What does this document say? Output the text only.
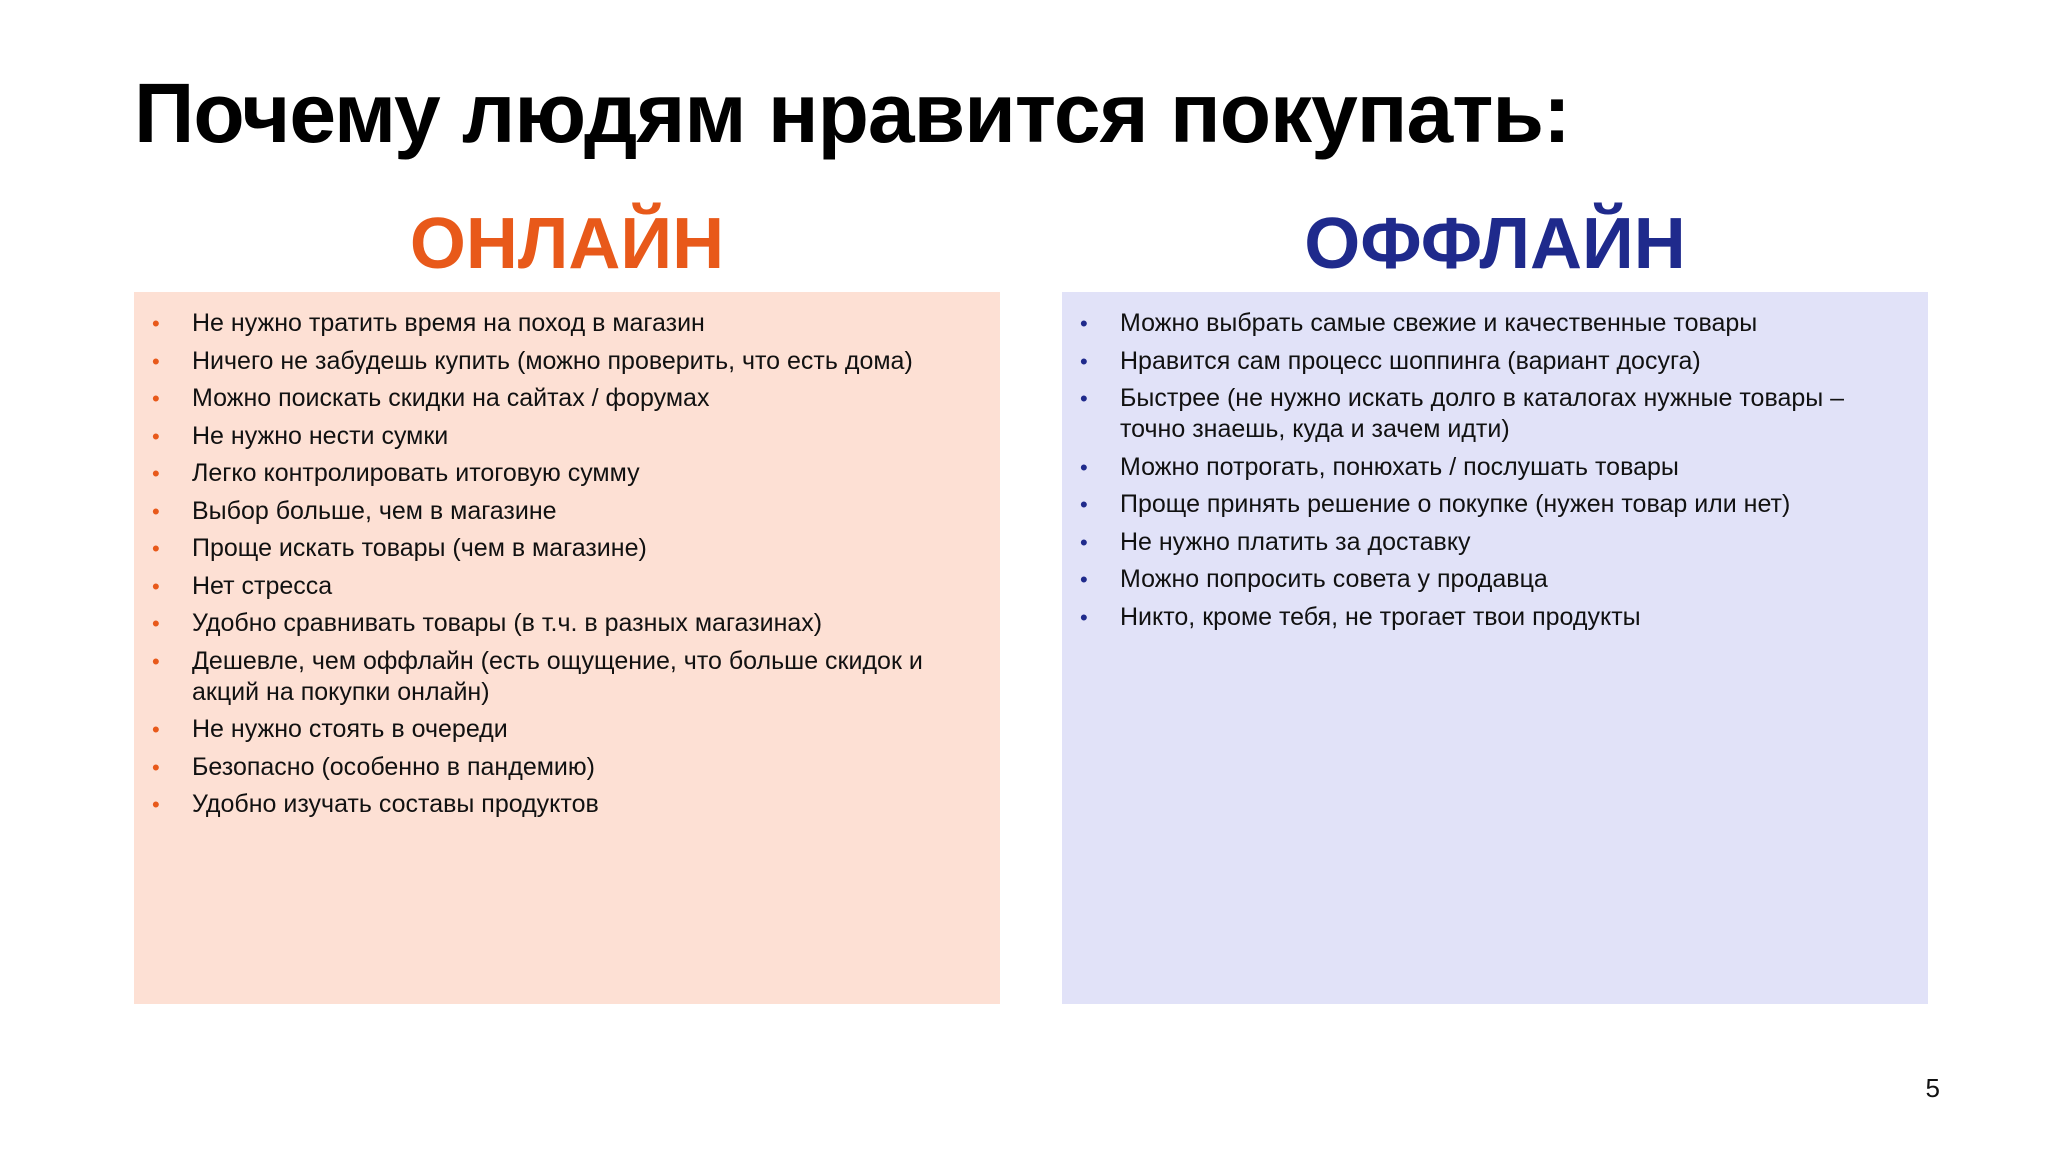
Почему людям нравится покупать:
ОНЛАЙН	ОФФЛАЙН
•	Не нужно тратить время на поход в магазин
•	Ничего не забудешь купить (можно проверить, что есть дома)
•	Можно поискать скидки на сайтах / форумах
•	Не нужно нести сумки
•	Легко контролировать итоговую сумму
•	Выбор больше, чем в магазине
•	Проще искать товары (чем в магазине)
•	Нет стресса
•	Удобно сравнивать товары (в т.ч. в разных магазинах)
•	Дешевле, чем оффлайн (есть ощущение, что больше скидок и акций на покупки онлайн)
•	Не нужно стоять в очереди
•	Безопасно (особенно в пандемию)
•	Удобно изучать составы продуктов
•	Можно выбрать самые свежие и качественные товары
•	Нравится сам процесс шоппинга (вариант досуга)
•	Быстрее (не нужно искать долго в каталогах нужные товары – точно знаешь, куда и зачем идти)
•	Можно потрогать, понюхать / послушать товары
•	Проще принять решение о покупке (нужен товар или нет)
•	Не нужно платить за доставку
•	Можно попросить совета у продавца
•	Никто, кроме тебя, не трогает твои продукты
5
